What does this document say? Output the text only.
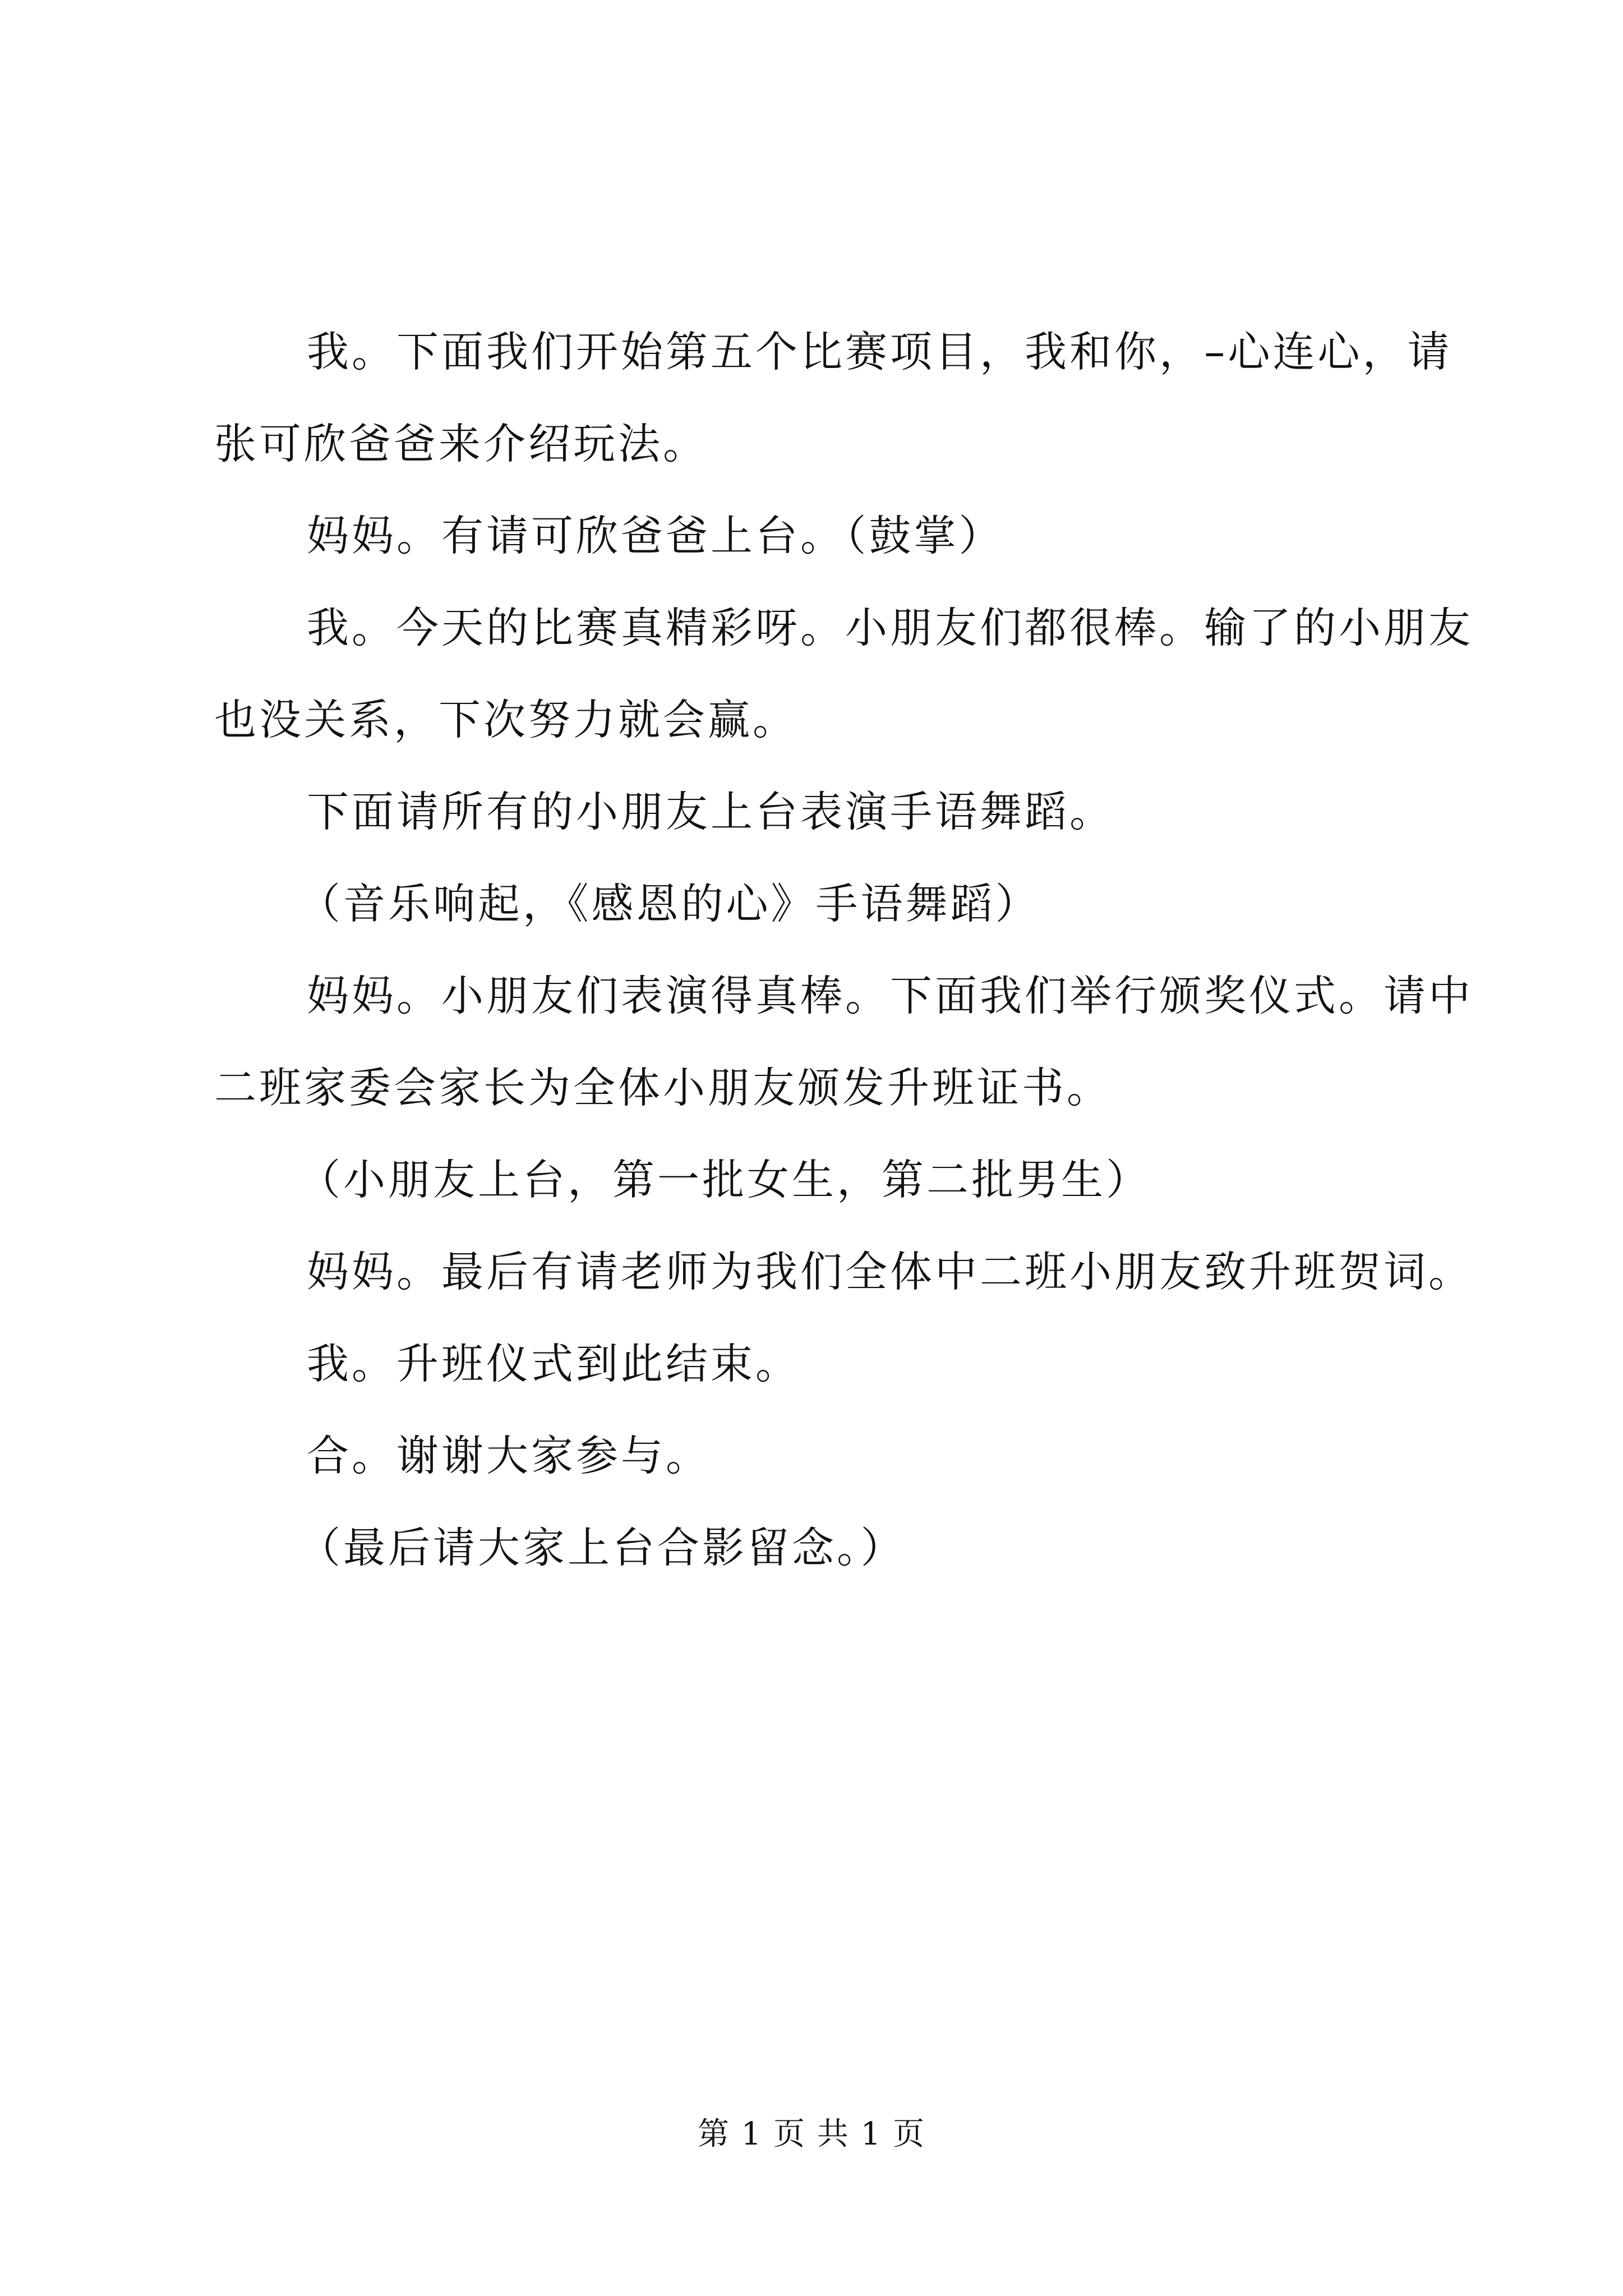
我。下面我们开始第五个比赛项目，我和你，–心连心，请张可欣爸爸来介绍玩法。

妈妈。有请可欣爸爸上台。（鼓掌）

我。今天的比赛真精彩呀。小朋友们都很棒。输了的小朋友也没关系，下次努力就会赢。

下面请所有的小朋友上台表演手语舞蹈。

（音乐响起，《感恩的心》手语舞蹈）

妈妈。小朋友们表演得真棒。下面我们举行颁奖仪式。请中二班家委会家长为全体小朋友颁发升班证书。

（小朋友上台，第一批女生，第二批男生）

妈妈。最后有请老师为我们全体中二班小朋友致升班贺词。

我。升班仪式到此结束。

合。谢谢大家参与。

（最后请大家上台合影留念。）

第 1 页 共 1 页
